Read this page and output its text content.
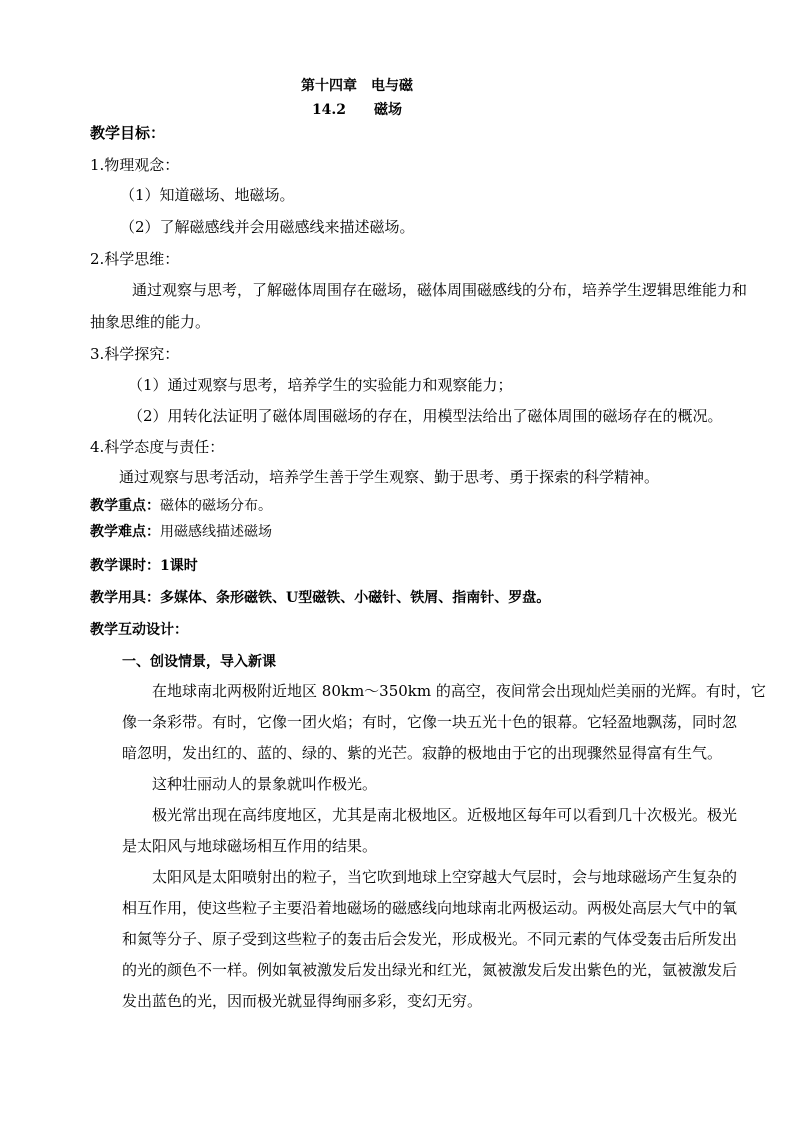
第十四章　电与磁
14.2　　磁场
教学目标：
1.物理观念：
（1）知道磁场、地磁场。
（2）了解磁感线并会用磁感线来描述磁场。
2.科学思维：
通过观察与思考，了解磁体周围存在磁场，磁体周围磁感线的分布，培养学生逻辑思维能力和
抽象思维的能力。
3.科学探究：
（1）通过观察与思考，培养学生的实验能力和观察能力；
（2）用转化法证明了磁体周围磁场的存在，用模型法给出了磁体周围的磁场存在的概况。
4.科学态度与责任：
通过观察与思考活动，培养学生善于学生观察、勤于思考、勇于探索的科学精神。
教学重点：磁体的磁场分布。
教学难点：用磁感线描述磁场
教学课时：1课时
教学用具：多媒体、条形磁铁、U型磁铁、小磁针、铁屑、指南针、罗盘。
教学互动设计：
一、创设情景，导入新课
在地球南北两极附近地区 80km～350km 的高空，夜间常会出现灿烂美丽的光辉。有时，它
像一条彩带。有时，它像一团火焰；有时，它像一块五光十色的银幕。它轻盈地飘荡，同时忽
暗忽明，发出红的、蓝的、绿的、紫的光芒。寂静的极地由于它的出现骤然显得富有生气。
这种壮丽动人的景象就叫作极光。
极光常出现在高纬度地区，尤其是南北极地区。近极地区每年可以看到几十次极光。极光
是太阳风与地球磁场相互作用的结果。
太阳风是太阳喷射出的粒子，当它吹到地球上空穿越大气层时，会与地球磁场产生复杂的
相互作用，使这些粒子主要沿着地磁场的磁感线向地球南北两极运动。两极处高层大气中的氧
和氮等分子、原子受到这些粒子的轰击后会发光，形成极光。不同元素的气体受轰击后所发出
的光的颜色不一样。例如氧被激发后发出绿光和红光，氮被激发后发出紫色的光，氩被激发后
发出蓝色的光，因而极光就显得绚丽多彩，变幻无穷。
